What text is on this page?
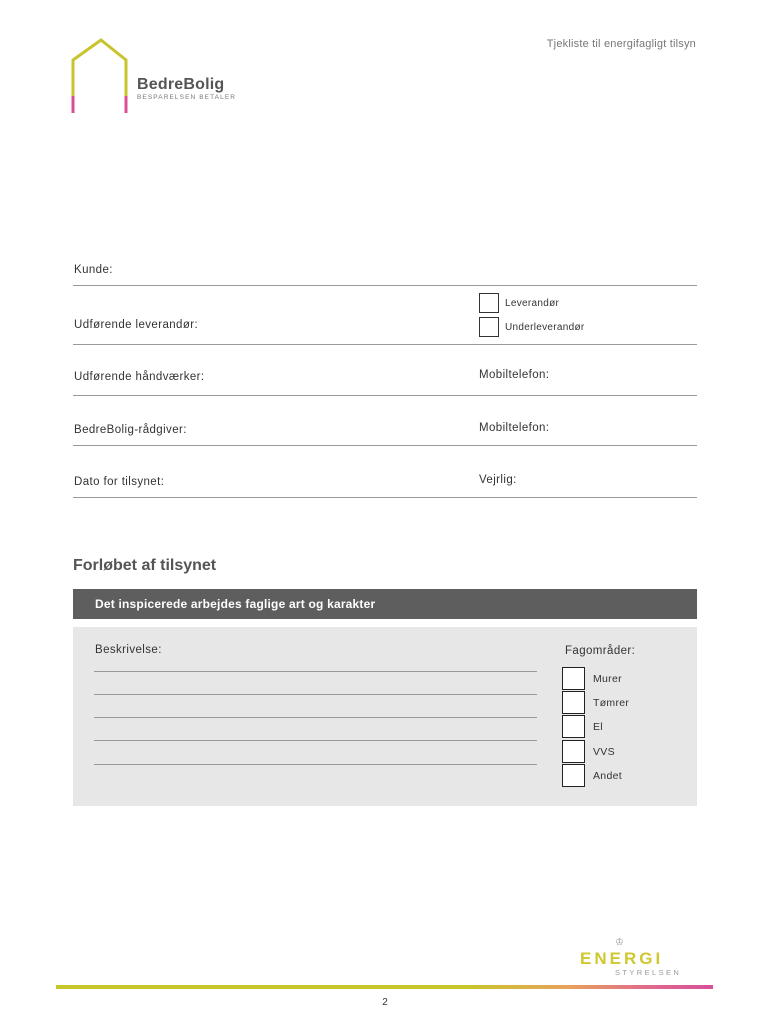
Tjekliste til energifagligt tilsyn
BedreBolig
BESPARELSEN BETALER
Kunde:
Udførende leverandør:
Leverandør
Underleverandør
Udførende håndværker:	Mobiltelefon:
BedreBolig-rådgiver:	Mobiltelefon:
Dato for tilsynet:	Vejrlig:
Forløbet af tilsynet
Det inspicerede arbejdes faglige art og karakter
Beskrivelse:	Fagområder:
Murer
Tømrer
El
VVS
Andet
♔
ENERGI
STYRELSEN
2
